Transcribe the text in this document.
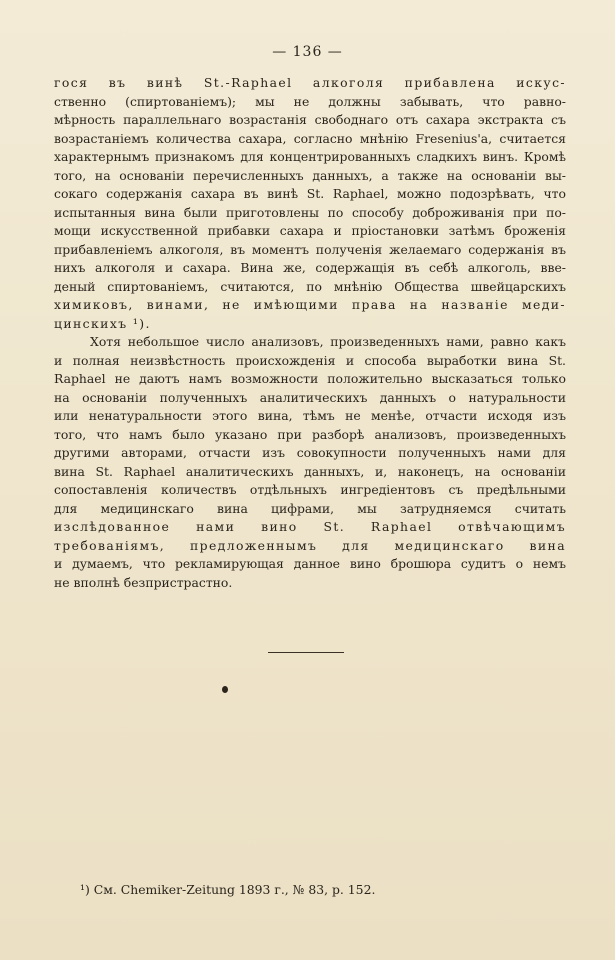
— 136 —
гося въ винѣ St.-Raphael алкоголя прибавлена искус-
ственно (спиртованiемъ); мы не должны забывать, что равно-
мѣрность параллельнаго возрастанiя свободнаго отъ сахара экстракта съ
возрастанiемъ количества сахара, согласно мнѣнiю Fresenius'а, считается
характернымъ признакомъ для концентрированныхъ сладкихъ винъ. Кромѣ
того, на основанiи перечисленныхъ данныхъ, а также на основанiи вы-
сокаго содержанiя сахара въ винѣ St. Raphael, можно подозрѣвать, что
испытанныя вина были приготовлены по способу доброживанiя при по-
мощи искусственной прибавки сахара и прiостановки затѣмъ броженiя
прибавленiемъ алкоголя, въ моментъ полученiя желаемаго содержанiя въ
нихъ алкоголя и сахара. Вина же, содержащiя въ себѣ алкоголь, вве-
деный спиртованiемъ, считаются, по мнѣнiю Общества швейцарскихъ
химиковъ, винами, не имѣющими права на названiе меди-
цинскихъ ¹).
Хотя небольшое число анализовъ, произведенныхъ нами, равно какъ
и полная неизвѣстность происхожденiя и способа выработки вина St.
Raphael не даютъ намъ возможности положительно высказаться только
на основанiи полученныхъ аналитическихъ данныхъ о натуральности
или ненатуральности этого вина, тѣмъ не менѣе, отчасти исходя изъ
того, что намъ было указано при разборѣ анализовъ, произведенныхъ
другими авторами, отчасти изъ совокупности полученныхъ нами для
вина St. Raphael аналитическихъ данныхъ, и, наконецъ, на основанiи
сопоставленiя количествъ отдѣльныхъ ингредiентовъ съ предѣльными
для медицинскаго вина цифрами, мы затрудняемся считать
изслѣдованное нами вино St. Raphael отвѣчающимъ
требованiямъ, предложеннымъ для медицинскаго вина
и думаемъ, что рекламирующая данное вино брошюра судитъ о немъ
не вполнѣ безпристрастно.
¹) См. Chemiker-Zeitung 1893 г., № 83, p. 152.
